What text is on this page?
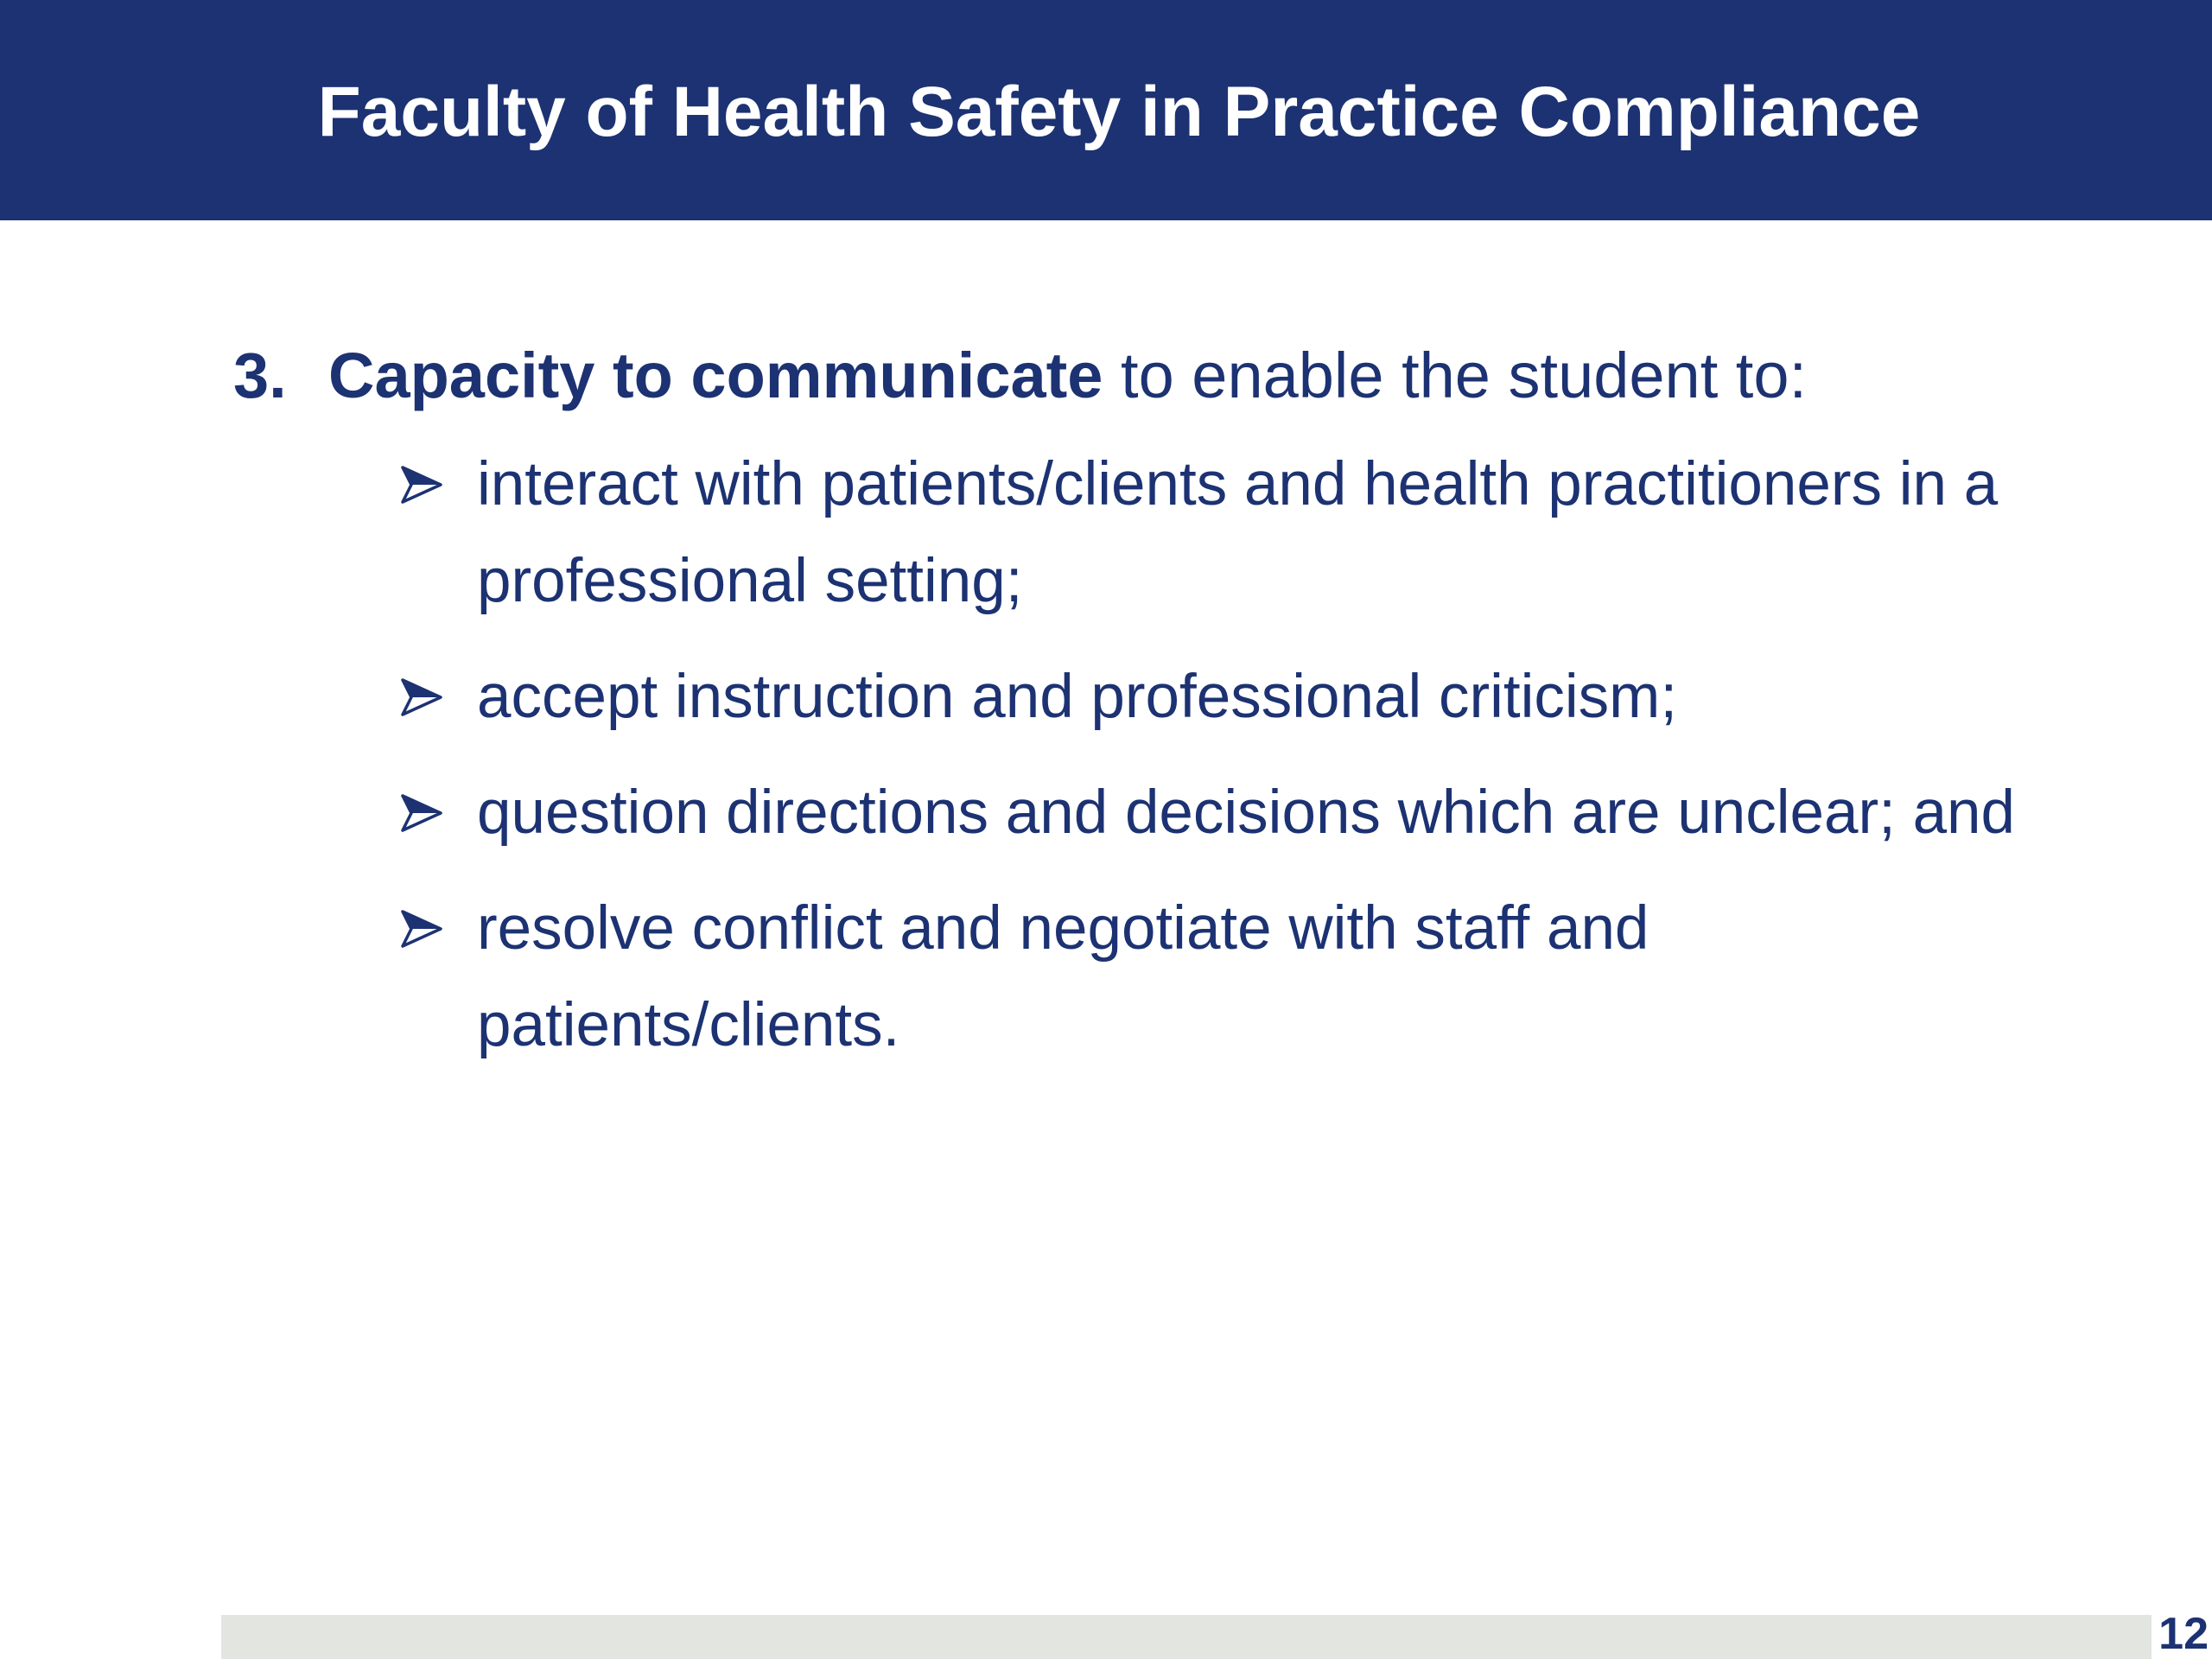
Faculty of Health Safety in Practice Compliance
3. Capacity to communicate to enable the student to:
interact with patients/clients and health practitioners in a professional setting;
accept instruction and professional criticism;
question directions and decisions which are unclear; and
resolve conflict and negotiate with staff and patients/clients.
12
